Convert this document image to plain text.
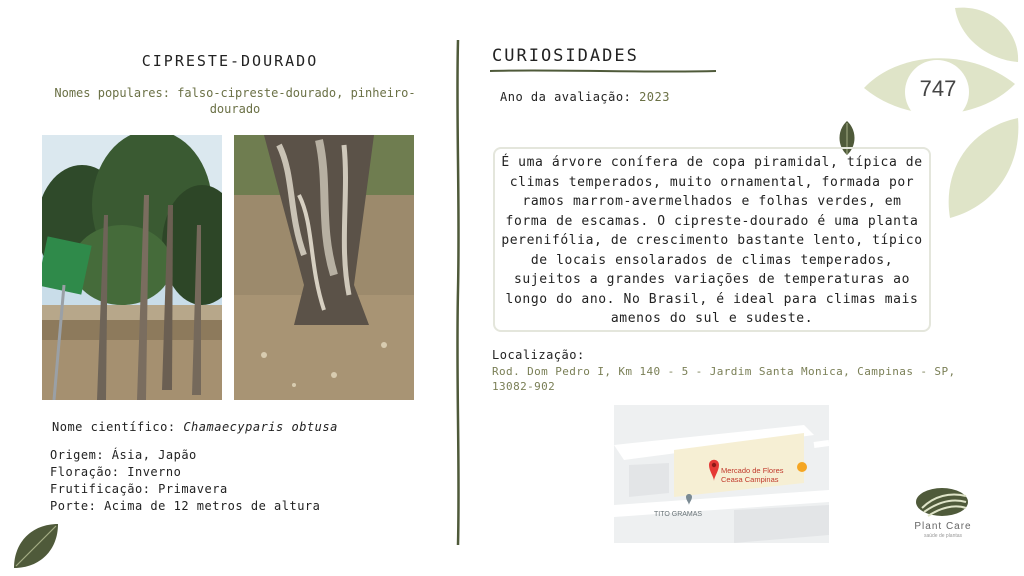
747
CIPRESTE-DOURADO
Nomes populares: falso-cipreste-dourado, pinheiro-dourado
Nome científico: Chamaecyparis obtusa
Origem: Ásia, Japão
Floração: Inverno
Frutificação: Primavera
Porte: Acima de 12 metros de altura
CURIOSIDADES
Ano da avaliação: 2023
É uma árvore conífera de copa piramidal, típica de climas temperados, muito ornamental, formada por ramos marrom-avermelhados e folhas verdes, em forma de escamas. O cipreste-dourado é uma planta perenifólia, de crescimento bastante lento, típico de locais ensolarados de climas temperados, sujeitos a grandes variações de temperaturas ao longo do ano. No Brasil, é ideal para climas mais amenos do sul e sudeste.
Localização:
Rod. Dom Pedro I, Km 140 - 5 - Jardim Santa Monica, Campinas - SP, 13082-902
Mercado de Flores
Ceasa Campinas
TITO GRAMAS
Plant Care
saúde de plantas
